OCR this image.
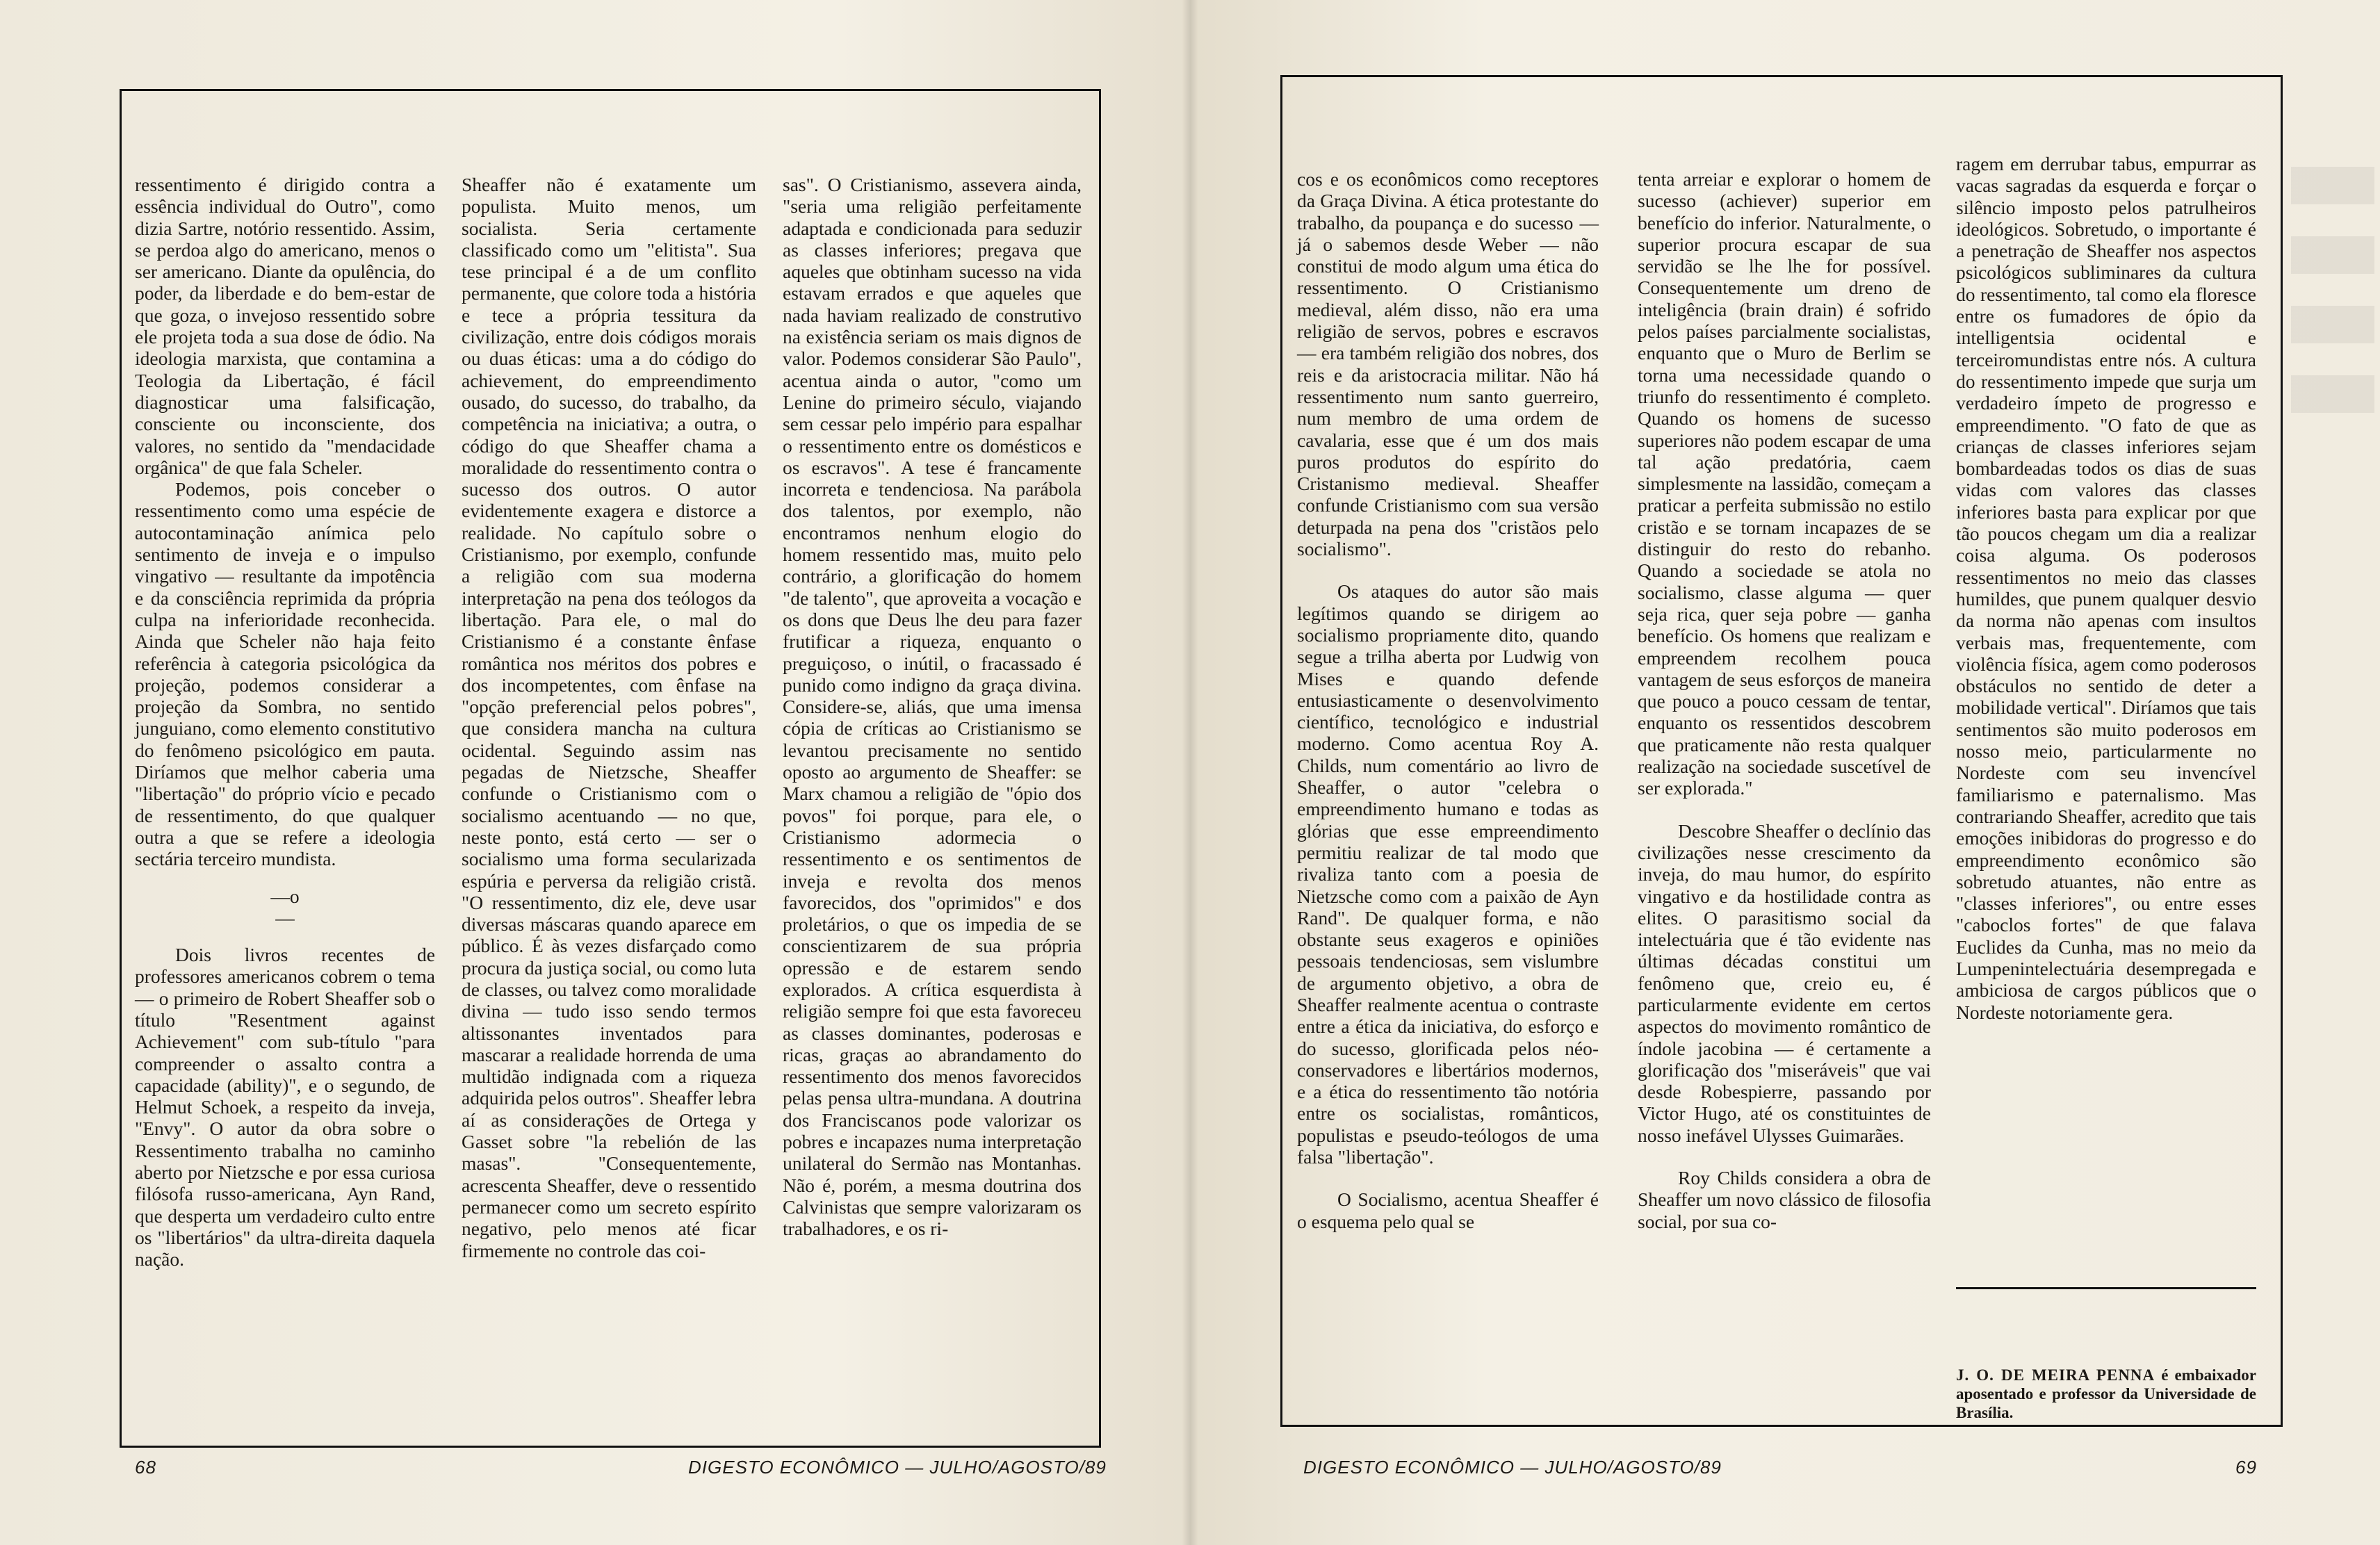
ressentimento é dirigido contra a essência individual do Outro", como dizia Sartre, notório ressentido. Assim, se perdoa algo do americano, menos o ser americano. Diante da opulência, do poder, da liberdade e do bem-estar de que goza, o invejoso ressentido sobre ele projeta toda a sua dose de ódio. Na ideologia marxista, que contamina a Teologia da Libertação, é fácil diagnosticar uma falsificação, consciente ou inconsciente, dos valores, no sentido da "mendacidade orgânica" de que fala Scheler.

Podemos, pois conceber o ressentimento como uma espécie de autocontaminação anímica pelo sentimento de inveja e o impulso vingativo — resultante da impotência e da consciência reprimida da própria culpa na inferioridade reconhecida. Ainda que Scheler não haja feito referência à categoria psicológica da projeção, podemos considerar a projeção da Sombra, no sentido junguiano, como elemento constitutivo do fenômeno psicológico em pauta. Diríamos que melhor caberia uma "libertação" do próprio vício e pecado de ressentimento, do que qualquer outra a que se refere a ideologia sectária terceiro mundista.

—o—

Dois livros recentes de professores americanos cobrem o tema — o primeiro de Robert Sheaffer sob o título "Resentment against Achievement" com sub-título "para compreender o assalto contra a capacidade (ability)", e o segundo, de Helmut Schoek, a respeito da inveja, "Envy". O autor da obra sobre o Ressentimento trabalha no caminho aberto por Nietzsche e por essa curiosa filósofa russo-americana, Ayn Rand, que desperta um verdadeiro culto entre os "libertários" da ultra-direita daquela nação.

Sheaffer não é exatamente um populista. Muito menos, um socialista. Seria certamente classificado como um "elitista". Sua tese principal é a de um conflito permanente, que colore toda a história e tece a própria tessitura da civilização, entre dois códigos morais ou duas éticas: uma a do código do achievement, do empreendimento ousado, do sucesso, do trabalho, da competência na iniciativa; a outra, o código do que Sheaffer chama a moralidade do ressentimento contra o sucesso dos outros. O autor evidentemente exagera e distorce a realidade. No capítulo sobre o Cristianismo, por exemplo, confunde a religião com sua moderna interpretação na pena dos teólogos da libertação. Para ele, o mal do Cristianismo é a constante ênfase romântica nos méritos dos pobres e dos incompetentes, com ênfase na "opção preferencial pelos pobres", que considera mancha na cultura ocidental. Seguindo assim nas pegadas de Nietzsche, Sheaffer confunde o Cristianismo com o socialismo acentuando — no que, neste ponto, está certo — ser o socialismo uma forma secularizada espúria e perversa da religião cristã. "O ressentimento, diz ele, deve usar diversas máscaras quando aparece em público. É às vezes disfarçado como procura da justiça social, ou como luta de classes, ou talvez como moralidade divina — tudo isso sendo termos altissonantes inventados para mascarar a realidade horrenda de uma multidão indignada com a riqueza adquirida pelos outros". Sheaffer lebra aí as considerações de Ortega y Gasset sobre "la rebelión de las masas". "Consequentemente, acrescenta Sheaffer, deve o ressentido permanecer como um secreto espírito negativo, pelo menos até ficar firmemente no controle das coi-

sas". O Cristianismo, assevera ainda, "seria uma religião perfeitamente adaptada e condicionada para seduzir as classes inferiores; pregava que aqueles que obtinham sucesso na vida estavam errados e que aqueles que nada haviam realizado de construtivo na existência seriam os mais dignos de valor. Podemos considerar São Paulo", acentua ainda o autor, "como um Lenine do primeiro século, viajando sem cessar pelo império para espalhar o ressentimento entre os domésticos e os escravos". A tese é francamente incorreta e tendenciosa. Na parábola dos talentos, por exemplo, não encontramos nenhum elogio do homem ressentido mas, muito pelo contrário, a glorificação do homem "de talento", que aproveita a vocação e os dons que Deus lhe deu para fazer frutificar a riqueza, enquanto o preguiçoso, o inútil, o fracassado é punido como indigno da graça divina. Considere-se, aliás, que uma imensa cópia de críticas ao Cristianismo se levantou precisamente no sentido oposto ao argumento de Sheaffer: se Marx chamou a religião de "ópio dos povos" foi porque, para ele, o Cristianismo adormecia o ressentimento e os sentimentos de inveja e revolta dos menos favorecidos, dos "oprimidos" e dos proletários, o que os impedia de se conscientizarem de sua própria opressão e de estarem sendo explorados. A crítica esquerdista à religião sempre foi que esta favoreceu as classes dominantes, poderosas e ricas, graças ao abrandamento do ressentimento dos menos favorecidos pelas pensa ultra-mundana. A doutrina dos Franciscanos pode valorizar os pobres e incapazes numa interpretação unilateral do Sermão nas Montanhas. Não é, porém, a mesma doutrina dos Calvinistas que sempre valorizaram os trabalhadores, e os ri-

cos e os econômicos como receptores da Graça Divina. A ética protestante do trabalho, da poupança e do sucesso — já o sabemos desde Weber — não constitui de modo algum uma ética do ressentimento. O Cristianismo medieval, além disso, não era uma religião de servos, pobres e escravos — era também religião dos nobres, dos reis e da aristocracia militar. Não há ressentimento num santo guerreiro, num membro de uma ordem de cavalaria, esse que é um dos mais puros produtos do espírito do Cristanismo medieval. Sheaffer confunde Cristianismo com sua versão deturpada na pena dos "cristãos pelo socialismo".

Os ataques do autor são mais legítimos quando se dirigem ao socialismo propriamente dito, quando segue a trilha aberta por Ludwig von Mises e quando defende entusiasticamente o desenvolvimento científico, tecnológico e industrial moderno. Como acentua Roy A. Childs, num comentário ao livro de Sheaffer, o autor "celebra o empreendimento humano e todas as glórias que esse empreendimento permitiu realizar de tal modo que rivaliza tanto com a poesia de Nietzsche como com a paixão de Ayn Rand". De qualquer forma, e não obstante seus exageros e opiniões pessoais tendenciosas, sem vislumbre de argumento objetivo, a obra de Sheaffer realmente acentua o contraste entre a ética da iniciativa, do esforço e do sucesso, glorificada pelos néo-conservadores e libertários modernos, e a ética do ressentimento tão notória entre os socialistas, românticos, populistas e pseudo-teólogos de uma falsa "libertação".

O Socialismo, acentua Sheaffer é o esquema pelo qual se

tenta arreiar e explorar o homem de sucesso (achiever) superior em benefício do inferior. Naturalmente, o superior procura escapar de sua servidão se lhe lhe for possível. Consequentemente um dreno de inteligência (brain drain) é sofrido pelos países parcialmente socialistas, enquanto que o Muro de Berlim se torna uma necessidade quando o triunfo do ressentimento é completo. Quando os homens de sucesso superiores não podem escapar de uma tal ação predatória, caem simplesmente na lassidão, começam a praticar a perfeita submissão no estilo cristão e se tornam incapazes de se distinguir do resto do rebanho. Quando a sociedade se atola no socialismo, classe alguma — quer seja rica, quer seja pobre — ganha benefício. Os homens que realizam e empreendem recolhem pouca vantagem de seus esforços de maneira que pouco a pouco cessam de tentar, enquanto os ressentidos descobrem que praticamente não resta qualquer realização na sociedade suscetível de ser explorada."

Descobre Sheaffer o declínio das civilizações nesse crescimento da inveja, do mau humor, do espírito vingativo e da hostilidade contra as elites. O parasitismo social da intelectuária que é tão evidente nas últimas décadas constitui um fenômeno que, creio eu, é particularmente evidente em certos aspectos do movimento romântico de índole jacobina — é certamente a glorificação dos "miseráveis" que vai desde Robespierre, passando por Victor Hugo, até os constituintes de nosso inefável Ulysses Guimarães.

Roy Childs considera a obra de Sheaffer um novo clássico de filosofia social, por sua co-

ragem em derrubar tabus, empurrar as vacas sagradas da esquerda e forçar o silêncio imposto pelos patrulheiros ideológicos. Sobretudo, o importante é a penetração de Sheaffer nos aspectos psicológicos subliminares da cultura do ressentimento, tal como ela floresce entre os fumadores de ópio da intelligentsia ocidental e terceiromundistas entre nós. A cultura do ressentimento impede que surja um verdadeiro ímpeto de progresso e empreendimento. "O fato de que as crianças de classes inferiores sejam bombardeadas todos os dias de suas vidas com valores das classes inferiores basta para explicar por que tão poucos chegam um dia a realizar coisa alguma. Os poderosos ressentimentos no meio das classes humildes, que punem qualquer desvio da norma não apenas com insultos verbais mas, frequentemente, com violência física, agem como poderosos obstáculos no sentido de deter a mobilidade vertical". Diríamos que tais sentimentos são muito poderosos em nosso meio, particularmente no Nordeste com seu invencível familiarismo e paternalismo. Mas contrariando Sheaffer, acredito que tais emoções inibidoras do progresso e do empreendimento econômico são sobretudo atuantes, não entre as "classes inferiores", ou entre esses "caboclos fortes" de que falava Euclides da Cunha, mas no meio da Lumpenintelectuária desempregada e ambiciosa de cargos públicos que o Nordeste notoriamente gera.

J. O. DE MEIRA PENNA é embaixador aposentado e professor da Universidade de Brasília.
68	DIGESTO ECONÔMICO — JULHO/AGOSTO/89	DIGESTO ECONÔMICO — JULHO/AGOSTO/89	69
